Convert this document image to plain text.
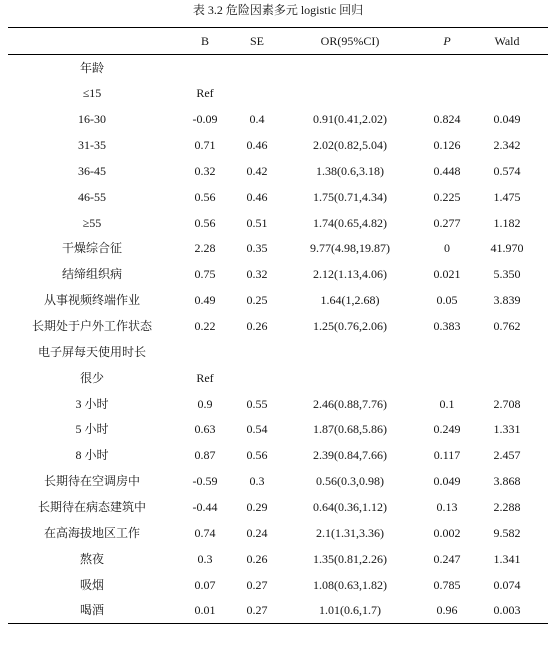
表 3.2 危险因素多元 logistic 回归
	B	SE	OR(95%CI)	P	Wald
年龄					
≤15	Ref				
16-30	-0.09	0.4	0.91(0.41,2.02)	0.824	0.049
31-35	0.71	0.46	2.02(0.82,5.04)	0.126	2.342
36-45	0.32	0.42	1.38(0.6,3.18)	0.448	0.574
46-55	0.56	0.46	1.75(0.71,4.34)	0.225	1.475
≥55	0.56	0.51	1.74(0.65,4.82)	0.277	1.182
干燥综合征	2.28	0.35	9.77(4.98,19.87)	0	41.970
结缔组织病	0.75	0.32	2.12(1.13,4.06)	0.021	5.350
从事视频终端作业	0.49	0.25	1.64(1,2.68)	0.05	3.839
长期处于户外工作状态	0.22	0.26	1.25(0.76,2.06)	0.383	0.762
电子屏每天使用时长					
很少	Ref				
3 小时	0.9	0.55	2.46(0.88,7.76)	0.1	2.708
5 小时	0.63	0.54	1.87(0.68,5.86)	0.249	1.331
8 小时	0.87	0.56	2.39(0.84,7.66)	0.117	2.457
长期待在空调房中	-0.59	0.3	0.56(0.3,0.98)	0.049	3.868
长期待在病态建筑中	-0.44	0.29	0.64(0.36,1.12)	0.13	2.288
在高海拔地区工作	0.74	0.24	2.1(1.31,3.36)	0.002	9.582
熬夜	0.3	0.26	1.35(0.81,2.26)	0.247	1.341
吸烟	0.07	0.27	1.08(0.63,1.82)	0.785	0.074
喝酒	0.01	0.27	1.01(0.6,1.7)	0.96	0.003
